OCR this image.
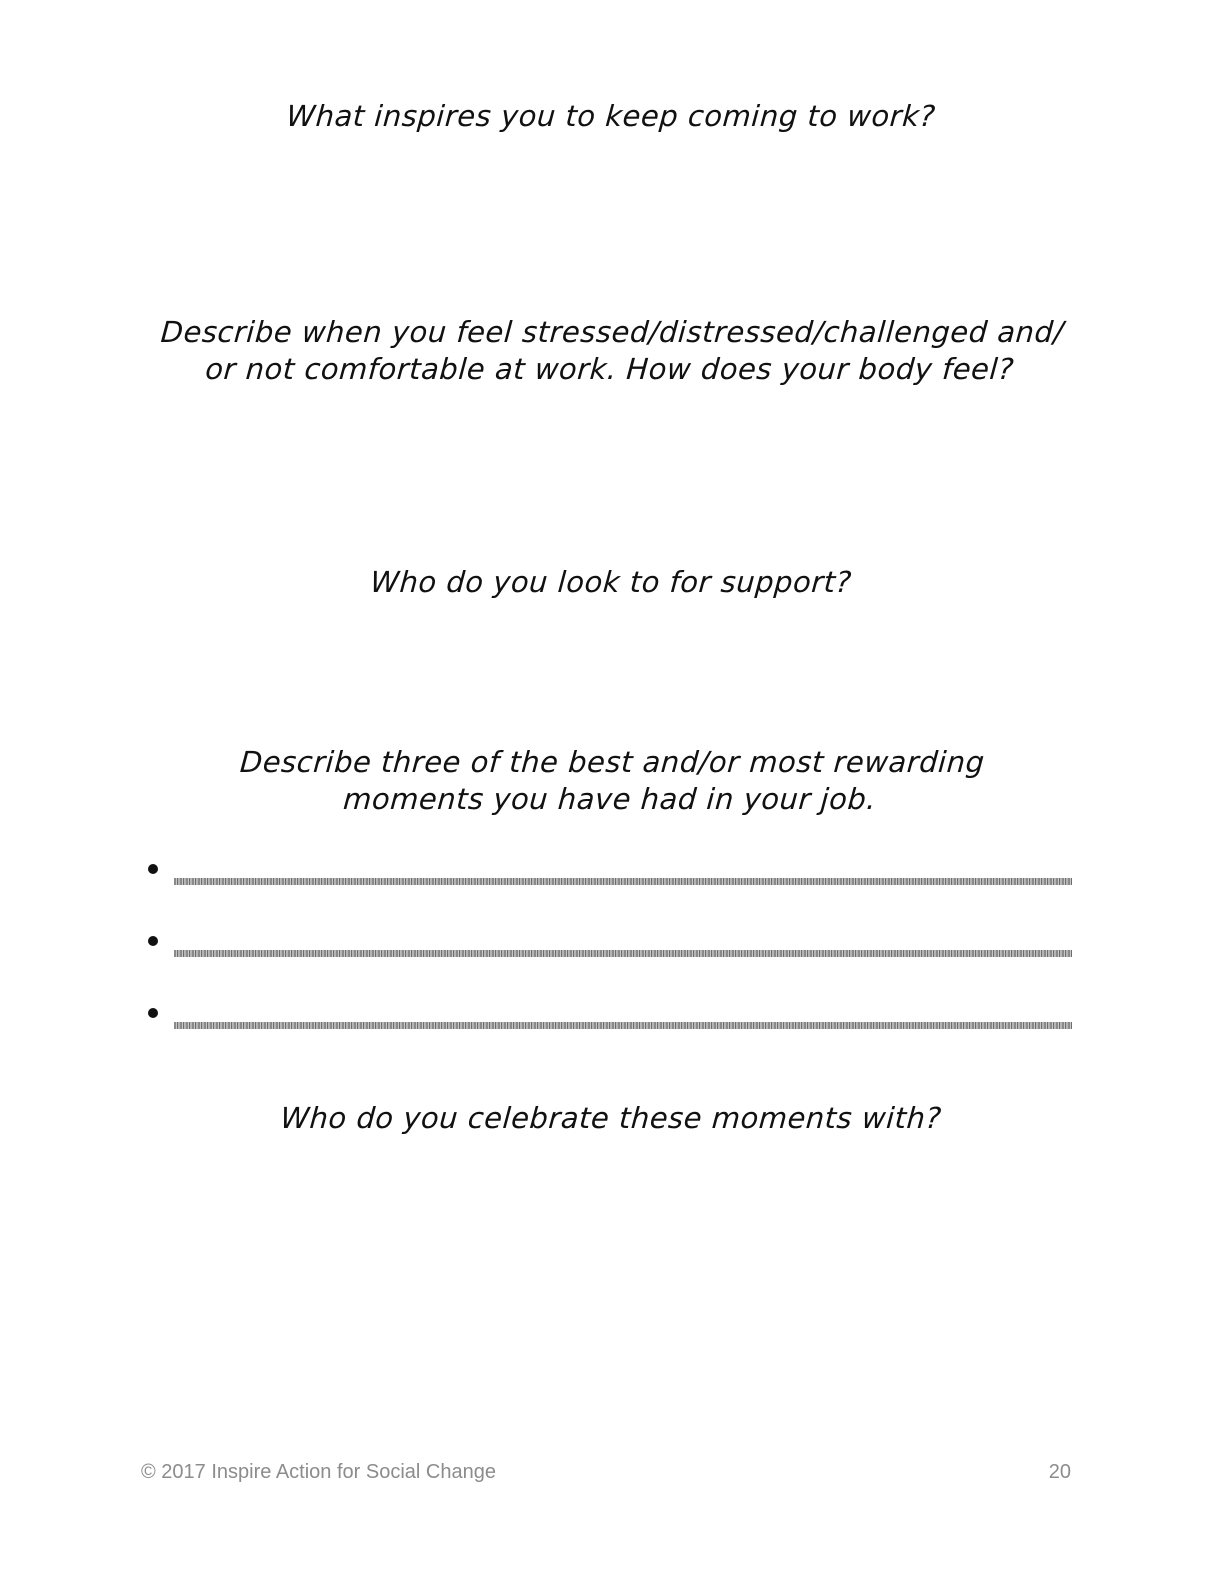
What inspires you to keep coming to work?
Describe when you feel stressed/distressed/challenged and/
or not comfortable at work. How does your body feel?
Who do you look to for support?
Describe three of the best and/or most rewarding
moments you have had in your job.
Who do you celebrate these moments with?
© 2017 Inspire Action for Social Change	20
